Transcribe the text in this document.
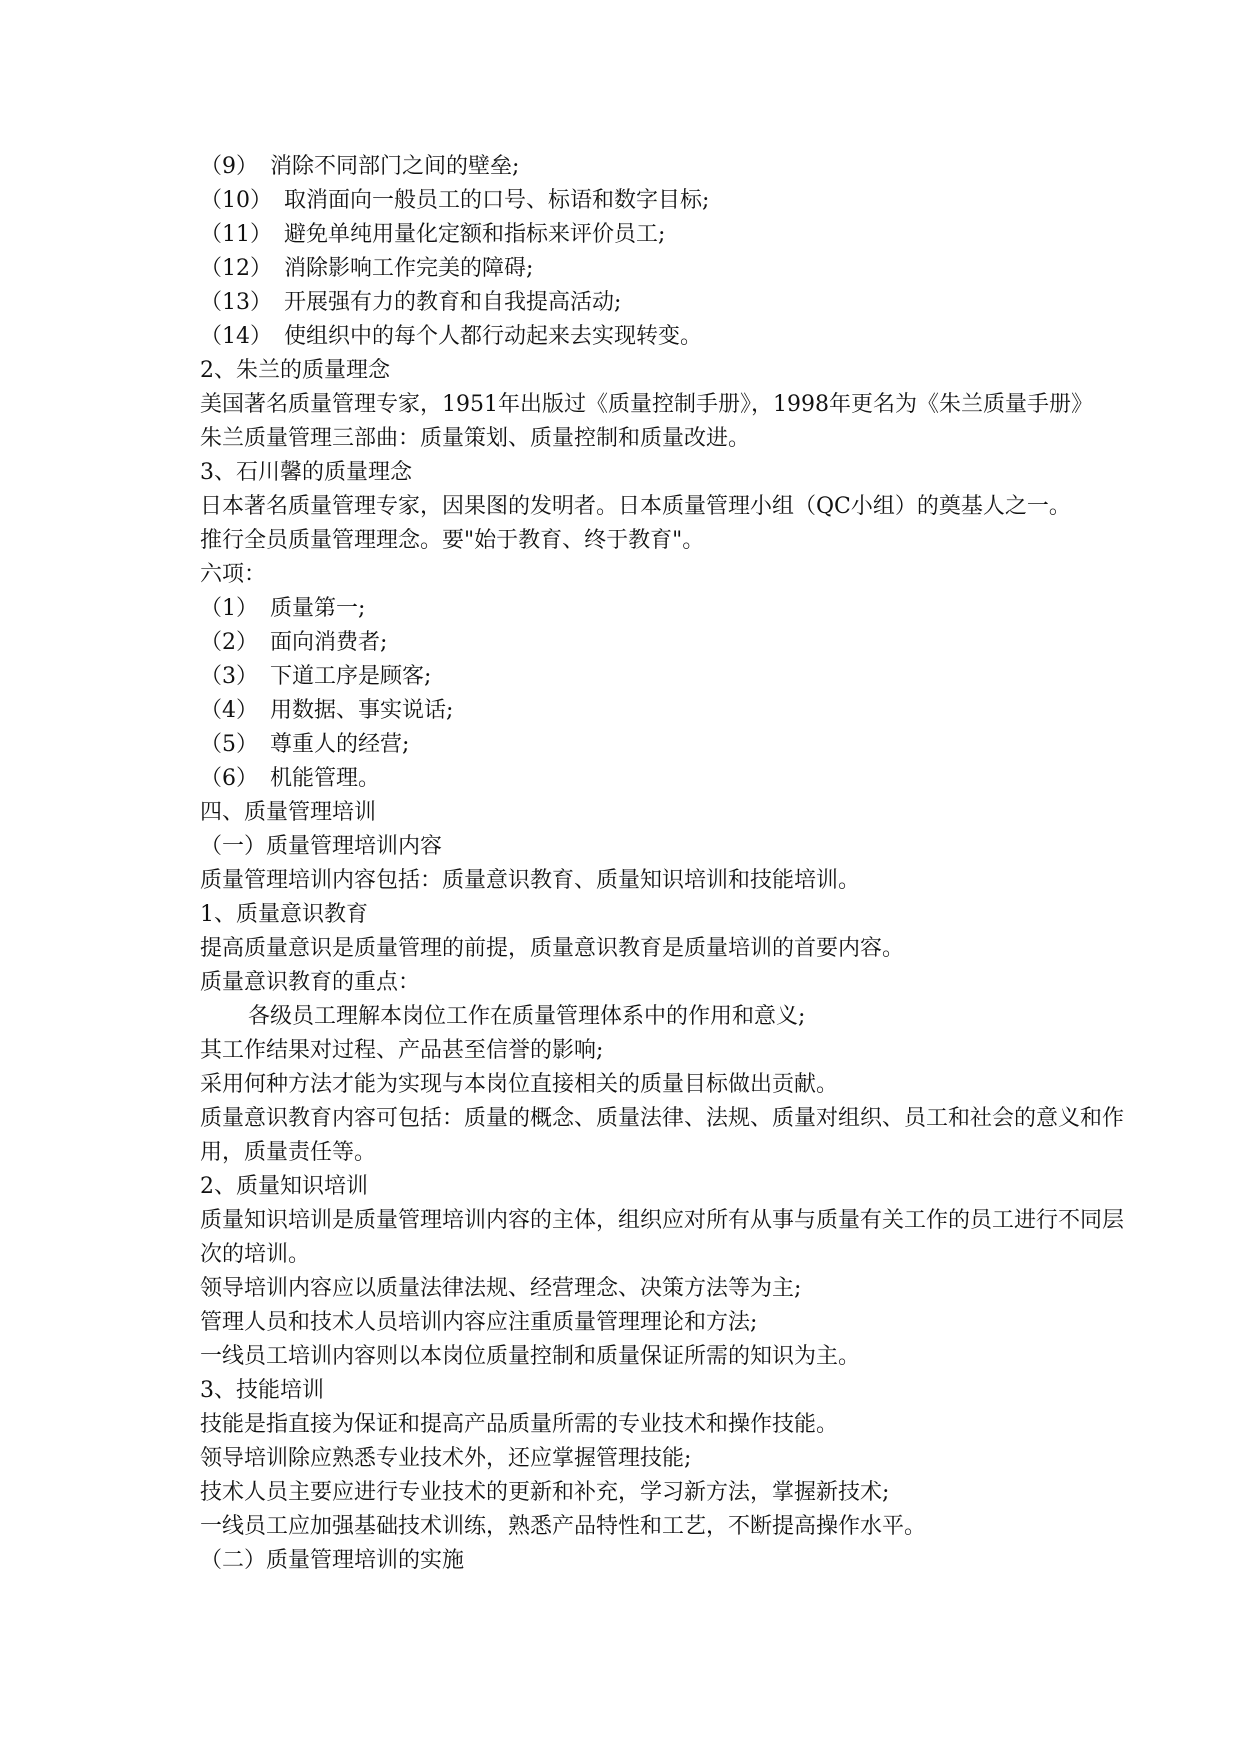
（9） 消除不同部门之间的壁垒;
（10） 取消面向一般员工的口号、标语和数字目标;
（11） 避免单纯用量化定额和指标来评价员工;
（12） 消除影响工作完美的障碍;
（13） 开展强有力的教育和自我提高活动;
（14） 使组织中的每个人都行动起来去实现转变。
2、朱兰的质量理念
美国著名质量管理专家，1951年出版过《质量控制手册》，1998年更名为《朱兰质量手册》
朱兰质量管理三部曲：质量策划、质量控制和质量改进。
3、石川馨的质量理念
日本著名质量管理专家，因果图的发明者。日本质量管理小组（QC小组）的奠基人之一。
推行全员质量管理理念。要"始于教育、终于教育"。
六项：
（1） 质量第一;
（2） 面向消费者;
（3） 下道工序是顾客;
（4） 用数据、事实说话;
（5） 尊重人的经营;
（6） 机能管理。
四、质量管理培训
（一）质量管理培训内容
质量管理培训内容包括：质量意识教育、质量知识培训和技能培训。
1、质量意识教育
提高质量意识是质量管理的前提，质量意识教育是质量培训的首要内容。
质量意识教育的重点：
各级员工理解本岗位工作在质量管理体系中的作用和意义;
其工作结果对过程、产品甚至信誉的影响;
采用何种方法才能为实现与本岗位直接相关的质量目标做出贡献。
质量意识教育内容可包括：质量的概念、质量法律、法规、质量对组织、员工和社会的意义和作用，质量责任等。
2、质量知识培训
质量知识培训是质量管理培训内容的主体，组织应对所有从事与质量有关工作的员工进行不同层次的培训。
领导培训内容应以质量法律法规、经营理念、决策方法等为主;
管理人员和技术人员培训内容应注重质量管理理论和方法;
一线员工培训内容则以本岗位质量控制和质量保证所需的知识为主。
3、技能培训
技能是指直接为保证和提高产品质量所需的专业技术和操作技能。
领导培训除应熟悉专业技术外，还应掌握管理技能;
技术人员主要应进行专业技术的更新和补充，学习新方法，掌握新技术;
一线员工应加强基础技术训练，熟悉产品特性和工艺，不断提高操作水平。
（二）质量管理培训的实施
